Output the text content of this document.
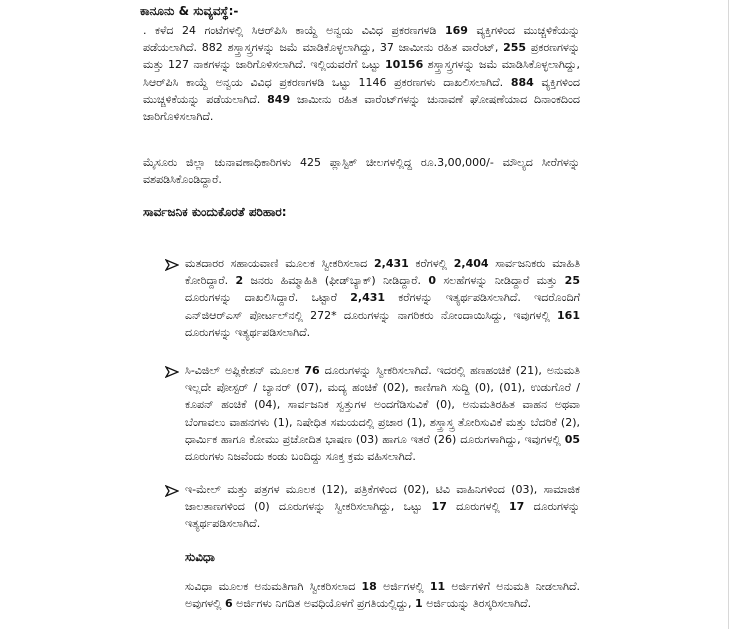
ಕಾನೂನು & ಸುವ್ಯವಸ್ಥೆ:-
. ಕಳೆದ 24 ಗಂಟೆಗಳಲ್ಲಿ ಸಿಆರ್‌ಪಿಸಿ ಕಾಯ್ದೆ ಅನ್ವಯ ವಿವಿಧ ಪ್ರಕರಣಗಳಡಿ 169 ವ್ಯಕ್ತಿಗಳಿಂದ ಮುಚ್ಚಳಿಕೆಯನ್ನು ಪಡೆಯಲಾಗಿದೆ. 882 ಶಸ್ತ್ರಾಸ್ತ್ರಗಳನ್ನು ಜಮೆ ಮಾಡಿಕೊಳ್ಳಲಾಗಿದ್ದು, 37 ಜಾಮೀನು ರಹಿತ ವಾರೆಂಟ್, 255 ಪ್ರಕರಣಗಳನ್ನು ಮತ್ತು 127 ನಾಕಗಳನ್ನು ಜಾರಿಗೊಳಿಸಲಾಗಿದೆ. ಇಲ್ಲಿಯವರೆಗೆ ಒಟ್ಟು 10156 ಶಸ್ತ್ರಾಸ್ತ್ರಗಳನ್ನು ಜಮೆ ಮಾಡಿಸಿಕೊಳ್ಳಲಾಗಿದ್ದು, ಸಿಆರ್‌ಪಿಸಿ ಕಾಯ್ದೆ ಅನ್ವಯ ವಿವಿಧ ಪ್ರಕರಣಗಳಡಿ ಒಟ್ಟು 1146 ಪ್ರಕರಣಗಳು ದಾಖಲಿಸಲಾಗಿದೆ. 884 ವ್ಯಕ್ತಿಗಳಿಂದ ಮುಚ್ಚಳಿಕೆಯನ್ನು ಪಡೆಯಲಾಗಿದೆ. 849 ಜಾಮೀನು ರಹಿತ ವಾರೆಂಟ್‌ಗಳನ್ನು ಚುನಾವಣೆ ಘೋಷಣೆಯಾದ ದಿನಾಂಕದಿಂದ ಜಾರಿಗೊಳಿಸಲಾಗಿದೆ.
ಮೈಸೂರು ಜಿಲ್ಲಾ ಚುನಾವಣಾಧಿಕಾರಿಗಳು 425 ಪ್ಲಾಸ್ಟಿಕ್ ಚೀಲಗಳಲ್ಲಿದ್ದ ರೂ.3,00,000/- ಮೌಲ್ಯದ ಸೀರೆಗಳನ್ನು ವಶಪಡಿಸಿಕೊಂಡಿದ್ದಾರೆ.
ಸಾರ್ವಜನಿಕ ಕುಂದುಕೊರತೆ ಪರಿಹಾರ:
ಮತದಾರರ ಸಹಾಯವಾಣಿ ಮೂಲಕ ಸ್ವೀಕರಿಸಲಾದ 2,431 ಕರೆಗಳಲ್ಲಿ 2,404 ಸಾರ್ವಜನಿಕರು ಮಾಹಿತಿ ಕೋರಿದ್ದಾರೆ. 2 ಜನರು ಹಿಮ್ಮಾಹಿತಿ (ಫೀಡ್‌ಬ್ಯಾಕ್) ನೀಡಿದ್ದಾರೆ. 0 ಸಲಹೆಗಳನ್ನು ನೀಡಿದ್ದಾರೆ ಮತ್ತು 25 ದೂರುಗಳನ್ನು ದಾಖಲಿಸಿದ್ದಾರೆ. ಒಟ್ಟಾರೆ 2,431 ಕರೆಗಳನ್ನು ಇತ್ಯರ್ಥಪಡಿಸಲಾಗಿದೆ. ಇದರೊಂದಿಗೆ ಎನ್‌ಜಿಆರ್‌ಎಸ್ ಪೋರ್ಟಲ್‌ನಲ್ಲಿ 272* ದೂರುಗಳನ್ನು ನಾಗರಿಕರು ನೋಂದಾಯಿಸಿದ್ದು, ಇವುಗಳಲ್ಲಿ 161 ದೂರುಗಳನ್ನು ಇತ್ಯರ್ಥಪಡಿಸಲಾಗಿದೆ.
ಸಿ-ವಿಜಿಲ್ ಅಪ್ಲಿಕೇಶನ್ ಮೂಲಕ 76 ದೂರುಗಳನ್ನು ಸ್ವೀಕರಿಸಲಾಗಿದೆ. ಇದರಲ್ಲಿ ಹಣಹಂಚಿಕೆ (21), ಅನುಮತಿ ಇಲ್ಲದೇ ಪೋಸ್ಟರ್ / ಬ್ಯಾನರ್ (07), ಮದ್ಯ ಹಂಚಿಕೆ (02), ಕಾಣಿಗಾಗಿ ಸುದ್ದಿ (0), (01), ಉಡುಗೊರೆ / ಕೂಪನ್ ಹಂಚಿಕೆ (04), ಸಾರ್ವಜನಿಕ ಸ್ವತ್ತುಗಳ ಅಂದಗೆಡಿಸುವಿಕೆ (0), ಅನುಮತಿರಹಿತ ವಾಹನ ಅಥವಾ ಬೆಂಗಾವಲು ವಾಹನಗಳು (1), ನಿಷೇಧಿತ ಸಮಯದಲ್ಲಿ ಪ್ರಚಾರ (1), ಶಸ್ತ್ರಾಸ್ತ್ರ ತೋರಿಸುವಿಕೆ ಮತ್ತು ಬೆದರಿಕೆ (2), ಧಾರ್ಮಿಕ ಹಾಗೂ ಕೋಮು ಪ್ರಚೋದಿತ ಭಾಷಣ (03) ಹಾಗೂ ಇತರೆ (26) ದೂರುಗಳಾಗಿದ್ದು, ಇವುಗಳಲ್ಲಿ 05 ದೂರುಗಳು ನಿಜವೆಂದು ಕಂಡು ಬಂದಿದ್ದು ಸೂಕ್ತ ಕ್ರಮ ವಹಿಸಲಾಗಿದೆ.
ಇ-ಮೇಲ್ ಮತ್ತು ಪತ್ರಗಳ ಮೂಲಕ (12), ಪತ್ರಿಕೆಗಳಿಂದ (02), ಟಿವಿ ವಾಹಿನಿಗಳಿಂದ (03), ಸಾಮಾಜಿಕ ಜಾಲತಾಣಗಳಿಂದ (0) ದೂರುಗಳನ್ನು ಸ್ವೀಕರಿಸಲಾಗಿದ್ದು, ಒಟ್ಟು 17 ದೂರುಗಳಲ್ಲಿ 17 ದೂರುಗಳನ್ನು ಇತ್ಯರ್ಥಪಡಿಸಲಾಗಿದೆ.
ಸುವಿಧಾ
ಸುವಿಧಾ ಮೂಲಕ ಅನುಮತಿಗಾಗಿ ಸ್ವೀಕರಿಸಲಾದ 18 ಅರ್ಜಿಗಳಲ್ಲಿ 11 ಅರ್ಜಿಗಳಿಗೆ ಅನುಮತಿ ನೀಡಲಾಗಿದೆ. ಅವುಗಳಲ್ಲಿ 6 ಅರ್ಜಿಗಳು ನಿಗದಿತ ಅವಧಿಯೊಳಗೆ ಪ್ರಗತಿಯಲ್ಲಿದ್ದು, 1 ಅರ್ಜಿಯನ್ನು ತಿರಸ್ಕರಿಸಲಾಗಿದೆ.
